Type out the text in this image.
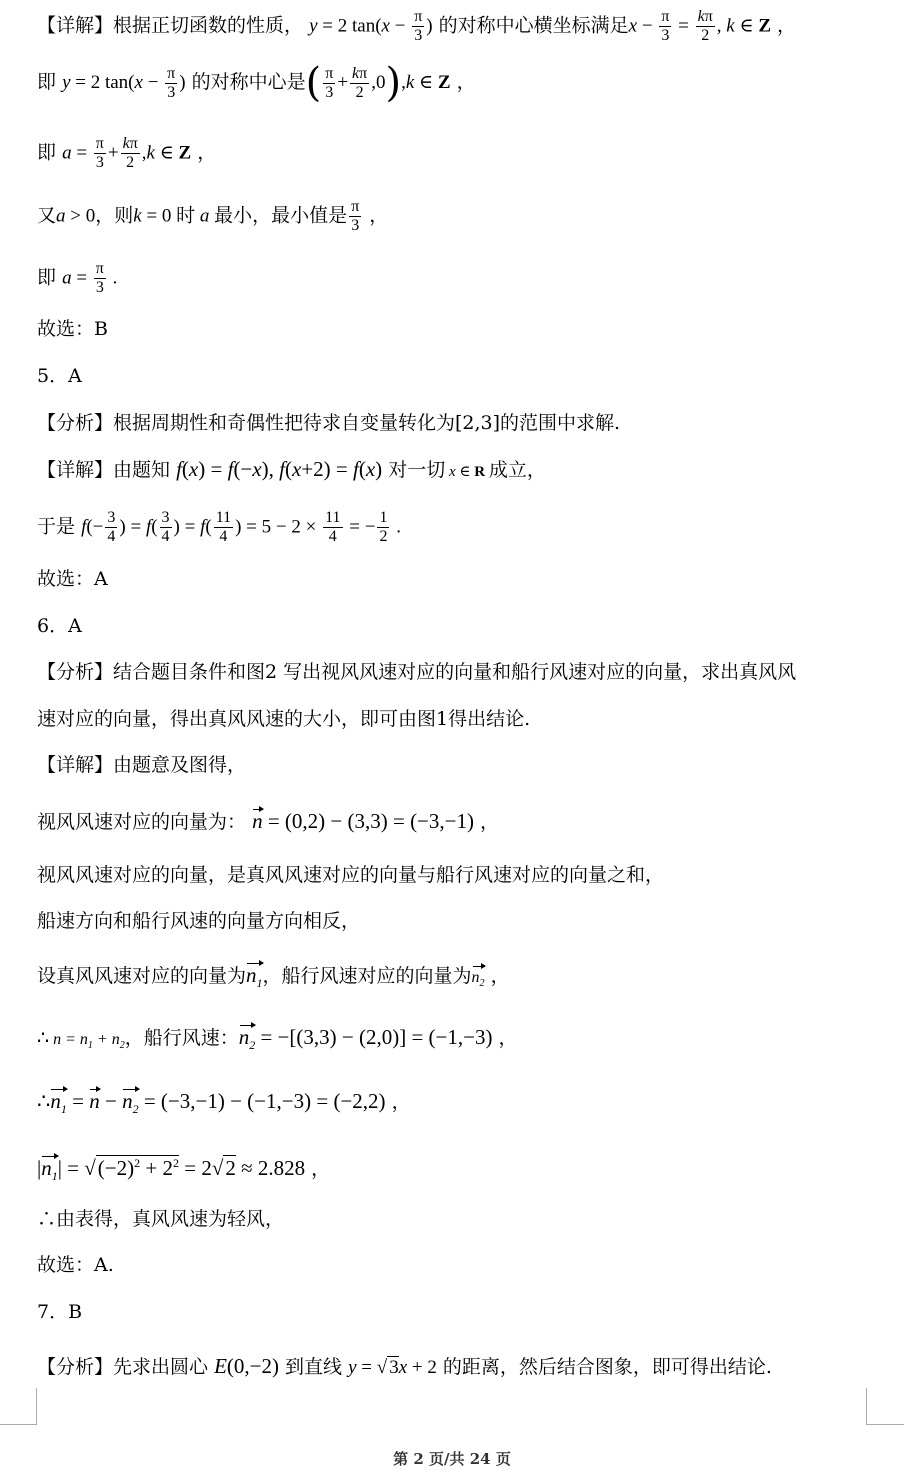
【详解】根据正切函数的性质， y = 2 $\tan(x - \frac{\pi}{3}$ ) 的对称中心横坐标满足$x - \frac{\pi}{3} = \frac{k\pi}{2}$ , k ∈ Z ，
即 y = 2 $\tan(x - \frac{\pi}{3}$ ) 的对称中心是( $\frac{\pi}{3} + \frac{k\pi}{2} ,0),k$ ∈ Z ，
即 $a = \frac{\pi}{3} + \frac{k\pi}{2} ,k$ ∈ Z ，
又a > 0，则k = 0 时 a 最小，最小值是 $\frac{\pi}{3}$ ，
即 $a = \frac{\pi}{3}$ .
故选：B
5．A
【分析】根据周期性和奇偶性把待求自变量转化为[2,3]的范围中求解.
【详解】由题知 f(x) = f(−x), f(x+2) = f(x) 对一切 x ∈ R 成立，
于是 $f(- \frac{3}{4}$ ) = $f( \frac{3}{4}$ ) = $f( \frac{11}{4}$ ) = $5 - 2 \times \frac{11}{4}$ = − $\frac{1}{2}$ .
故选：A
6．A
【分析】结合题目条件和图2 写出视风风速对应的向量和船行风速对应的向量，求出真风风
速对应的向量，得出真风风速的大小，即可由图1得出结论.
【详解】由题意及图得，
视风风速对应的向量为： n = (0,2) − (3,3) = (−3,−1) ，
视风风速对应的向量，是真风风速对应的向量与船行风速对应的向量之和，
船速方向和船行风速的向量方向相反，
设真风风速对应的向量为$n_1$，船行风速对应的向量为$n_2$ ，
∴ $n = n_1 + n_2$，船行风速：$n_2 = -[(3,3) - (2,0)] = (-1,-3)$ ，
$\therefore n_1 = n - n_2 = (-3,-1) - (-1,-3) = (-2,2)$ ，
$|n_1| = √(-2)^2 + 2^2 = 2√2 \approx 2.828$ ，
∴由表得，真风风速为轻风，
故选：A.
7．B
【分析】先求出圆心 E(0,−2) 到直线 y = √ 3x + 2 的距离，然后结合图象，即可得出结论.
第 2 页/共 24 页
